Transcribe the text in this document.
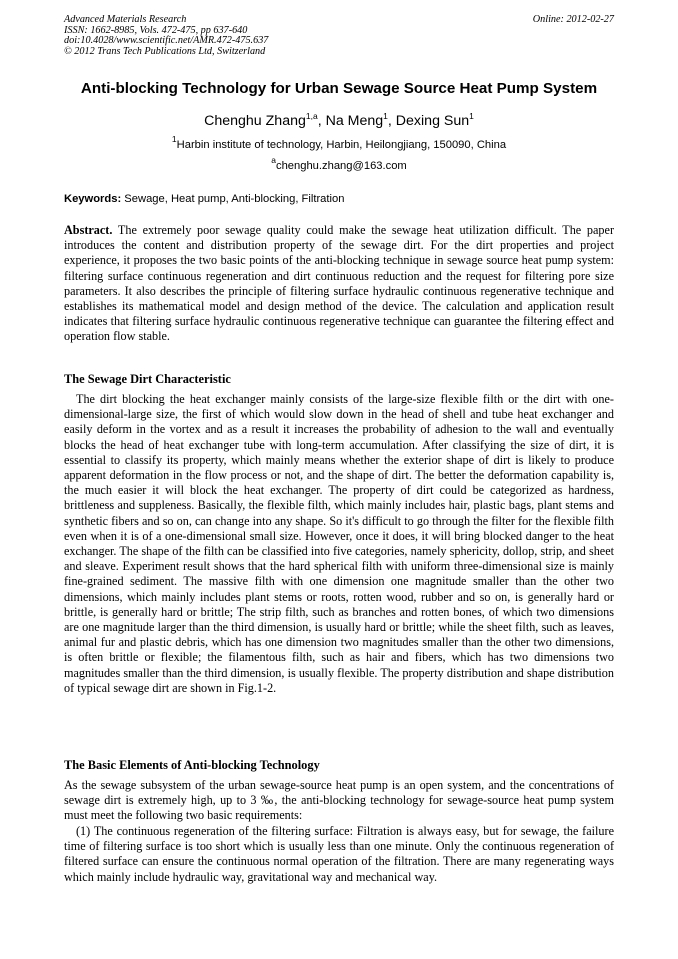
Advanced Materials Research
ISSN: 1662-8985, Vols. 472-475, pp 637-640
doi:10.4028/www.scientific.net/AMR.472-475.637
© 2012 Trans Tech Publications Ltd, Switzerland
Online: 2012-02-27
Anti-blocking Technology for Urban Sewage Source Heat Pump System
Chenghu Zhang$^{1,a}$, Na Meng$^1$, Dexing Sun$^1$
$^1$Harbin institute of technology, Harbin, Heilongjiang, 150090, China
$^a$chenghu.zhang@163.com
Keywords: Sewage, Heat pump, Anti-blocking, Filtration

Abstract. The extremely poor sewage quality could make the sewage heat utilization difficult. The paper introduces the content and distribution property of the sewage dirt. For the dirt properties and project experience, it proposes the two basic points of the anti-blocking technique in sewage source heat pump system: filtering surface continuous regeneration and dirt continuous reduction and the request for filtering pore size parameters. It also describes the principle of filtering surface hydraulic continuous regenerative technique and establishes its mathematical model and design method of the device. The calculation and application result indicates that filtering surface hydraulic continuous regenerative technique can guarantee the filtering effect and operation flow stable.

The Sewage Dirt Characteristic

The dirt blocking the heat exchanger mainly consists of the large-size flexible filth or the dirt with one-dimensional-large size, the first of which would slow down in the head of shell and tube heat exchanger and easily deform in the vortex and as a result it increases the probability of adhesion to the wall and eventually blocks the head of heat exchanger tube with long-term accumulation. After classifying the size of dirt, it is essential to classify its property, which mainly means whether the exterior shape of dirt is likely to produce apparent deformation in the flow process or not, and the shape of dirt. The better the deformation capability is, the much easier it will block the heat exchanger. The property of dirt could be categorized as hardness, brittleness and suppleness. Basically, the flexible filth, which mainly includes hair, plastic bags, plant stems and synthetic fibers and so on, can change into any shape. So it's difficult to go through the filter for the flexible filth even when it is of a one-dimensional small size. However, once it does, it will bring blocked danger to the heat exchanger. The shape of the filth can be classified into five categories, namely sphericity, dollop, strip, and sheet and sleave. Experiment result shows that the hard spherical filth with uniform three-dimensional size is mainly fine-grained sediment. The massive filth with one dimension one magnitude smaller than the other two dimensions, which mainly includes plant stems or roots, rotten wood, rubber and so on, is generally hard or brittle, is generally hard or brittle; The strip filth, such as branches and rotten bones, of which two dimensions are one magnitude larger than the third dimension, is usually hard or brittle; while the sheet filth, such as leaves, animal fur and plastic debris, which has one dimension two magnitudes smaller than the other two dimensions, is often brittle or flexible; the filamentous filth, such as hair and fibers, which has two dimensions two magnitudes smaller than the third dimension, is usually flexible. The property distribution and shape distribution of typical sewage dirt are shown in Fig.1-2.

The Basic Elements of Anti-blocking Technology

As the sewage subsystem of the urban sewage-source heat pump is an open system, and the concentrations of sewage dirt is extremely high, up to 3 ‰, the anti-blocking technology for sewage-source heat pump system must meet the following two basic requirements:

(1) The continuous regeneration of the filtering surface: Filtration is always easy, but for sewage, the failure time of filtering surface is too short which is usually less than one minute. Only the continuous regeneration of filtered surface can ensure the continuous normal operation of the filtration. There are many regenerating ways which mainly include hydraulic way, gravitational way and mechanical way.
